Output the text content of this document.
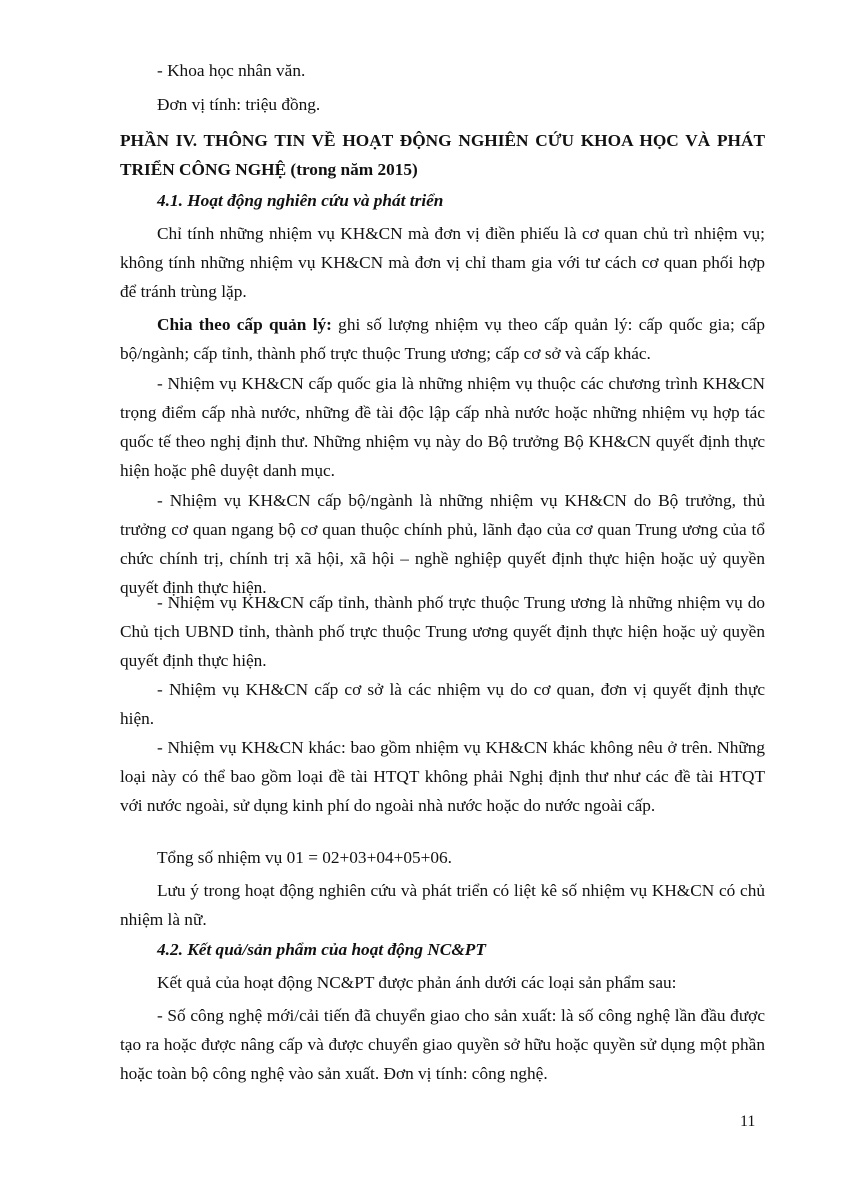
- Khoa học nhân văn.

Đơn vị tính: triệu đồng.

PHẦN IV. THÔNG TIN VỀ HOẠT ĐỘNG NGHIÊN CỨU KHOA HỌC VÀ PHÁT TRIỂN CÔNG NGHỆ (trong năm 2015)

4.1. Hoạt động nghiên cứu và phát triển

Chỉ tính những nhiệm vụ KH&CN mà đơn vị điền phiếu là cơ quan chủ trì nhiệm vụ; không tính những nhiệm vụ KH&CN mà đơn vị chỉ tham gia với tư cách cơ quan phối hợp để tránh trùng lặp.

Chia theo cấp quản lý: ghi số lượng nhiệm vụ theo cấp quản lý: cấp quốc gia; cấp bộ/ngành; cấp tỉnh, thành phố trực thuộc Trung ương; cấp cơ sở và cấp khác.

- Nhiệm vụ KH&CN cấp quốc gia là những nhiệm vụ thuộc các chương trình KH&CN trọng điểm cấp nhà nước, những đề tài độc lập cấp nhà nước hoặc những nhiệm vụ hợp tác quốc tế theo nghị định thư. Những nhiệm vụ này do Bộ trưởng Bộ KH&CN quyết định thực hiện hoặc phê duyệt danh mục.

- Nhiệm vụ KH&CN cấp bộ/ngành là những nhiệm vụ KH&CN do Bộ trưởng, thủ trưởng cơ quan ngang bộ cơ quan thuộc chính phủ, lãnh đạo của cơ quan Trung ương của tổ chức chính trị, chính trị xã hội, xã hội – nghề nghiệp quyết định thực hiện hoặc uỷ quyền quyết định thực hiện.

- Nhiệm vụ KH&CN cấp tỉnh, thành phố trực thuộc Trung ương là những nhiệm vụ do Chủ tịch UBND tỉnh, thành phố trực thuộc Trung ương quyết định thực hiện hoặc uỷ quyền quyết định thực hiện.

- Nhiệm vụ KH&CN cấp cơ sở là các nhiệm vụ do cơ quan, đơn vị quyết định thực hiện.

- Nhiệm vụ KH&CN khác: bao gồm nhiệm vụ KH&CN khác không nêu ở trên. Những loại này có thể bao gồm loại đề tài HTQT không phải Nghị định thư như các đề tài HTQT với nước ngoài, sử dụng kinh phí do ngoài nhà nước hoặc do nước ngoài cấp.

Tổng số nhiệm vụ 01 = 02+03+04+05+06.

Lưu ý trong hoạt động nghiên cứu và phát triển có liệt kê số nhiệm vụ KH&CN có chủ nhiệm là nữ.

4.2. Kết quả/sản phẩm của hoạt động NC&PT

Kết quả của hoạt động NC&PT được phản ánh dưới các loại sản phẩm sau:

- Số công nghệ mới/cải tiến đã chuyển giao cho sản xuất: là số công nghệ lần đầu được tạo ra hoặc được nâng cấp và được chuyển giao quyền sở hữu hoặc quyền sử dụng một phần hoặc toàn bộ công nghệ vào sản xuất. Đơn vị tính: công nghệ.

11
